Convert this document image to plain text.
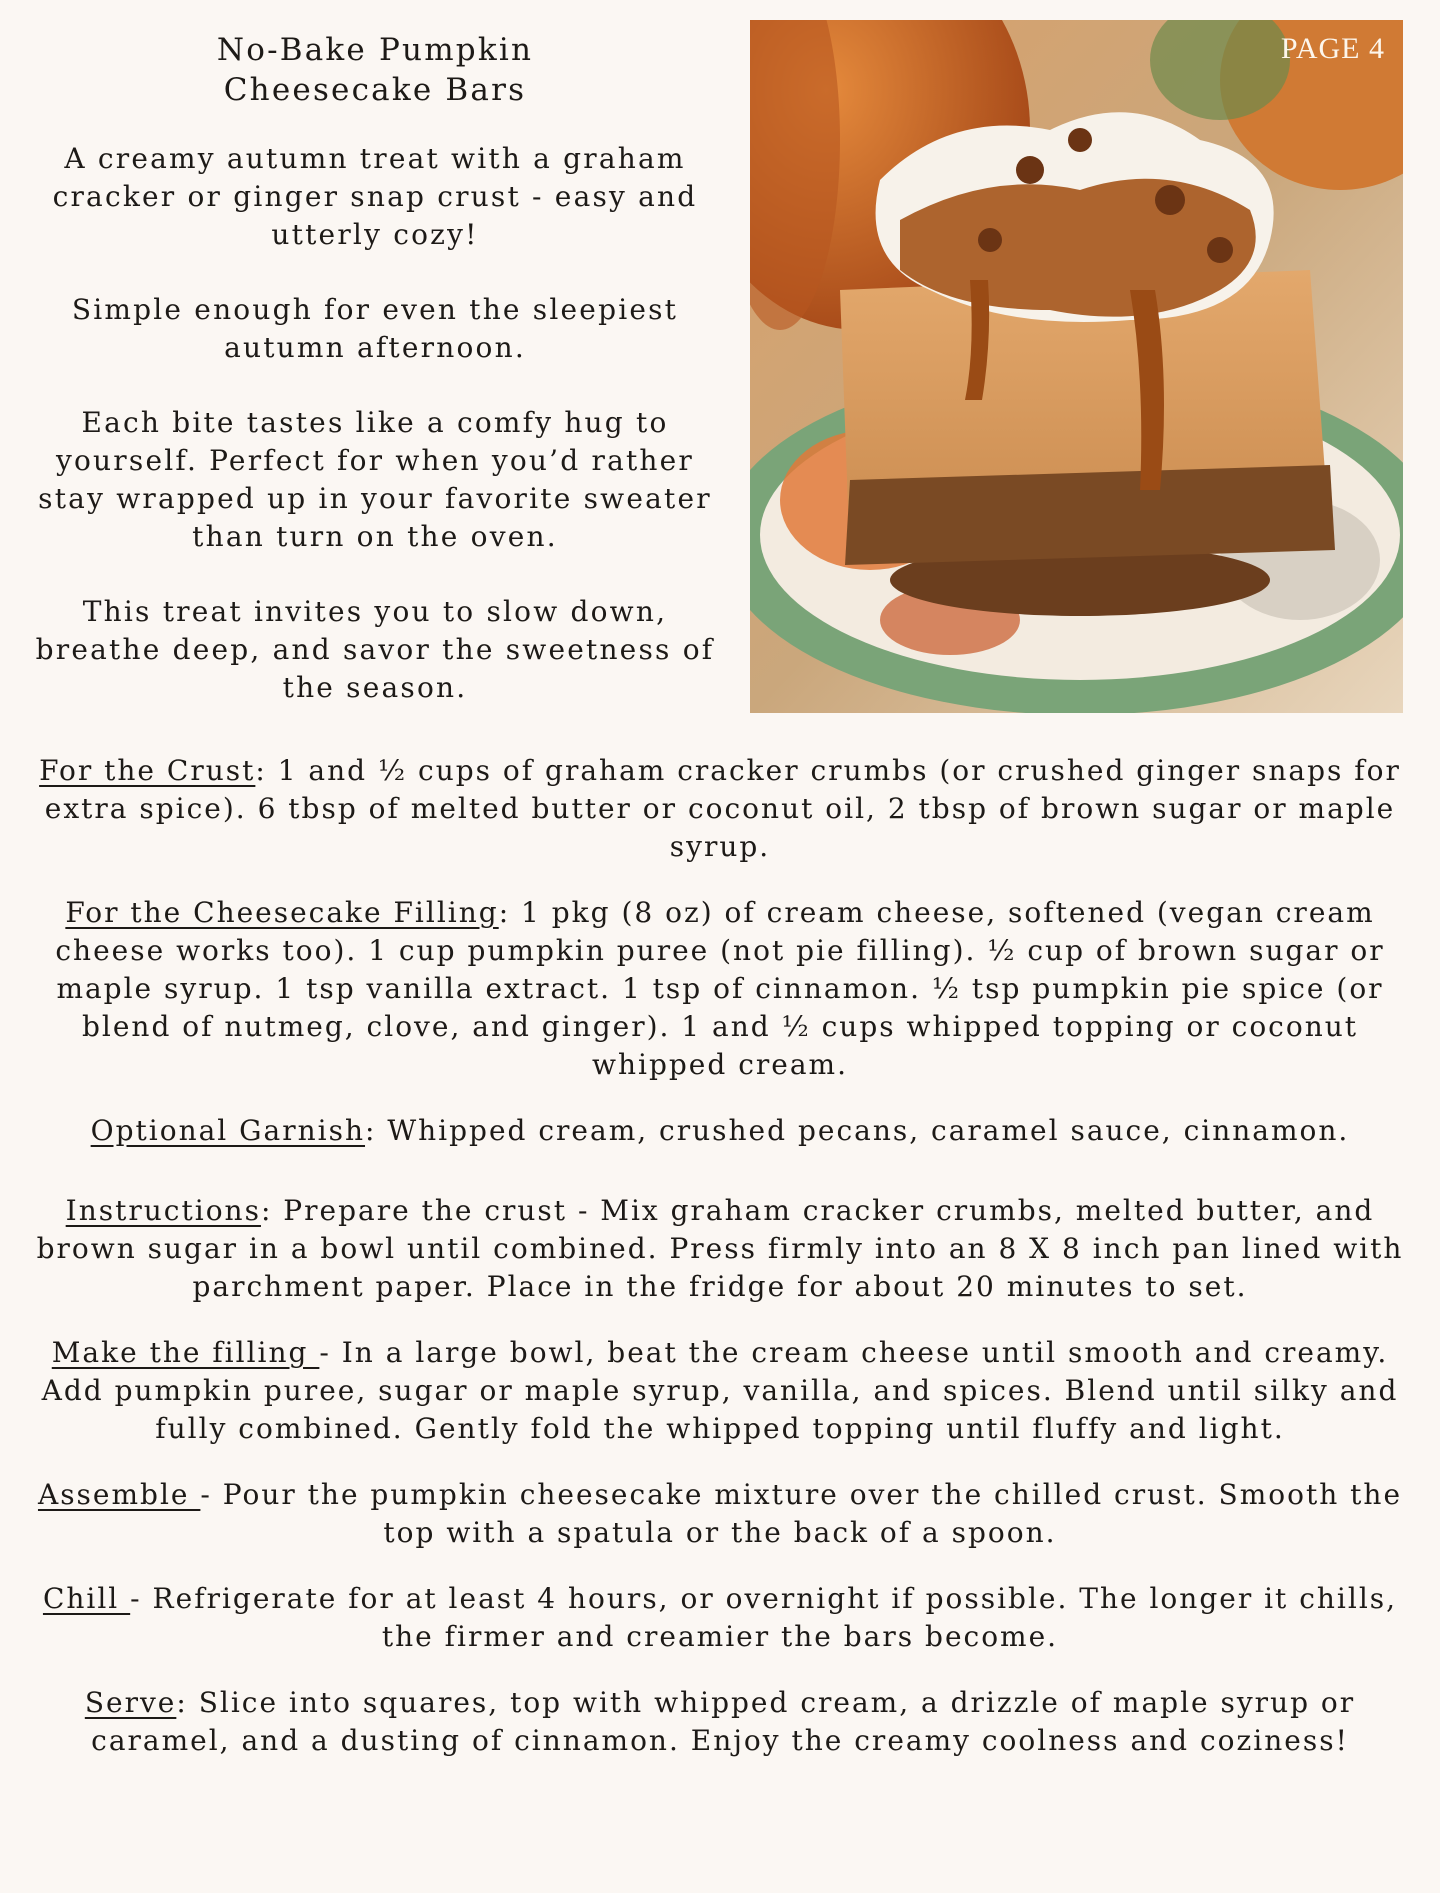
No-Bake Pumpkin
Cheesecake Bars

A creamy autumn treat with a graham cracker or ginger snap crust - easy and utterly cozy!

Simple enough for even the sleepiest autumn afternoon.

Each bite tastes like a comfy hug to yourself. Perfect for when you’d rather stay wrapped up in your favorite sweater than turn on the oven.

This treat invites you to slow down, breathe deep, and savor the sweetness of the season.

PAGE 4

For the Crust: 1 and ½ cups of graham cracker crumbs (or crushed ginger snaps for extra spice). 6 tbsp of melted butter or coconut oil, 2 tbsp of brown sugar or maple syrup.

For the Cheesecake Filling: 1 pkg (8 oz) of cream cheese, softened (vegan cream cheese works too). 1 cup pumpkin puree (not pie filling). ½ cup of brown sugar or maple syrup. 1 tsp vanilla extract. 1 tsp of cinnamon. ½ tsp pumpkin pie spice (or blend of nutmeg, clove, and ginger). 1 and ½ cups whipped topping or coconut whipped cream.

Optional Garnish: Whipped cream, crushed pecans, caramel sauce, cinnamon.

Instructions: Prepare the crust - Mix graham cracker crumbs, melted butter, and brown sugar in a bowl until combined. Press firmly into an 8 X 8 inch pan lined with parchment paper. Place in the fridge for about 20 minutes to set.

Make the filling - In a large bowl, beat the cream cheese until smooth and creamy. Add pumpkin puree, sugar or maple syrup, vanilla, and spices. Blend until silky and fully combined. Gently fold the whipped topping until fluffy and light.

Assemble - Pour the pumpkin cheesecake mixture over the chilled crust. Smooth the top with a spatula or the back of a spoon.

Chill - Refrigerate for at least 4 hours, or overnight if possible. The longer it chills, the firmer and creamier the bars become.

Serve: Slice into squares, top with whipped cream, a drizzle of maple syrup or caramel, and a dusting of cinnamon. Enjoy the creamy coolness and coziness!
